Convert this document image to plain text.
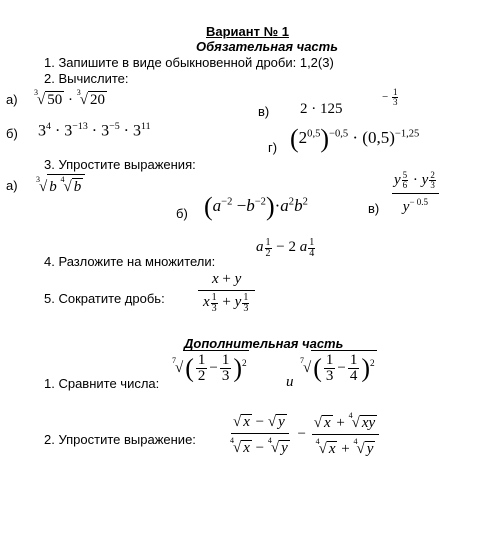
Вариант № 1
Обязательная часть
1. Запишите в виде обыкновенной дроби: 1,2(3)
2. Вычислите:
а) $^3$√ 50 · $^3$√ 20
в) 2 · 125
− $\frac{1}{3}$
б) $3^4 \cdot 3^{-13} \cdot 3^{-5} \cdot 3^{11}$
г) $(2^{0,5})^{-0,5} \cdot (0,5)^{-1,25}$
3. Упростите выражения:
а) $^3$√ b $^4$√ b
б) $(a^{-2} -b^{-2})\cdot a^2b^2$	$в) \frac{y \frac{5}{6} \cdot y \frac{2}{3}}{y^{- 0.5}}$
4. Разложите на множители:
a $\frac{1}{2} - 2$ a $\frac{1}{4}$
5. Сократите дробь: $\frac{x + y}{x \frac{1}{3} + y \frac{1}{3}}$
Дополнительная часть
1. Сравните числа:
$^7√( \frac{1}{2} - \frac{1}{3} )^2$
и
$^7√( \frac{1}{3} - \frac{1}{4} )^2$
2. Упростите выражение: $\frac{√ x - √ y}{^4√ x - ^4√ y} - \frac{√ x + ^4√ xy}{^4√ x + ^4√ y}$
